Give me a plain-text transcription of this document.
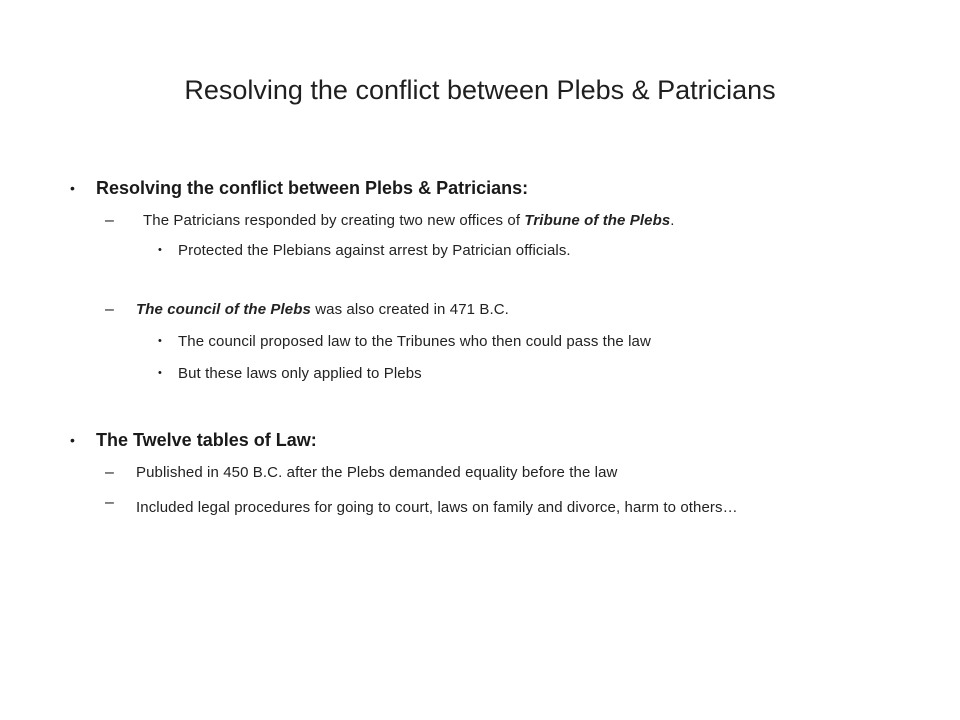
Resolving the conflict between Plebs & Patricians
• Resolving the conflict between Plebs & Patricians:
– The Patricians responded by creating two new offices of Tribune of the Plebs.
• Protected the Plebians against arrest by Patrician officials.
– The council of the Plebs was also created in 471 B.C.
• The council proposed law to the Tribunes who then could pass the law
• But these laws only applied to Plebs
• The Twelve tables of Law:
– Published in 450 B.C. after the Plebs demanded equality before the law
– Included legal procedures for going to court, laws on family and divorce, harm to others…
